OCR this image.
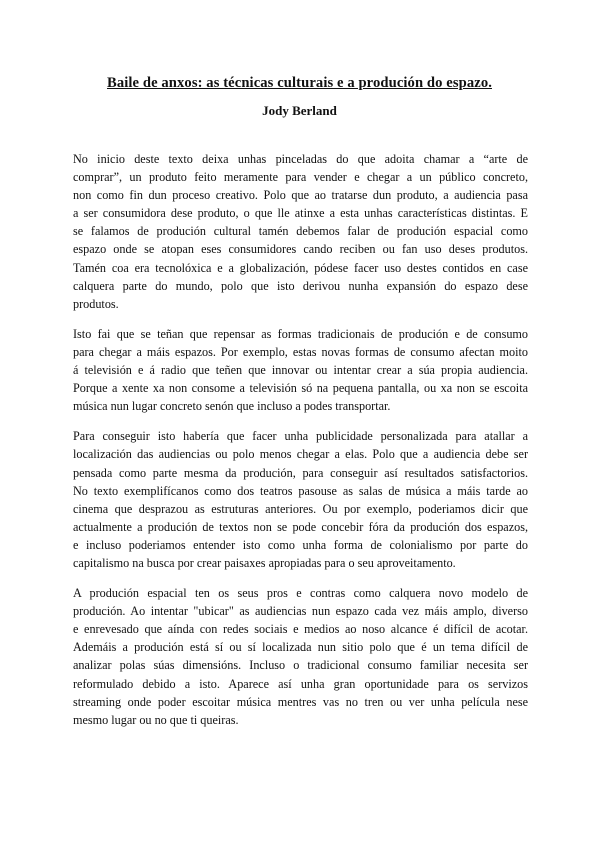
Baile de anxos: as técnicas culturais e a produción do espazo.
Jody Berland
No inicio deste texto deixa unhas pinceladas do que adoita chamar a “arte de
comprar”, un produto feito meramente para vender e chegar a un público concreto,
non como fin dun proceso creativo. Polo que ao tratarse dun produto, a audiencia pasa
a ser consumidora dese produto, o que lle atinxe a esta unhas características distintas. E
se falamos de produción cultural tamén debemos falar de produción espacial como
espazo onde se atopan eses consumidores cando reciben ou fan uso deses produtos.
Tamén coa era tecnolóxica e a globalización, pódese facer uso destes contidos en case
calquera parte do mundo, polo que isto derivou nunha expansión do espazo dese
produtos.
Isto fai que se teñan que repensar as formas tradicionais de produción e de consumo
para chegar a máis espazos. Por exemplo, estas novas formas de consumo afectan moito
á televisión e á radio que teñen que innovar ou intentar crear a súa propia audiencia.
Porque a xente xa non consome a televisión só na pequena pantalla, ou xa non se escoita
música nun lugar concreto senón que incluso a podes transportar.
Para conseguir isto habería que facer unha publicidade personalizada para atallar a
localización das audiencias ou polo menos chegar a elas. Polo que a audiencia debe ser
pensada como parte mesma da produción, para conseguir así resultados satisfactorios.
No texto exemplifícanos como dos teatros pasouse as salas de música a máis tarde ao
cinema que desprazou as estruturas anteriores. Ou por exemplo, poderiamos dicir que
actualmente a produción de textos non se pode concebir fóra da produción dos espazos,
e incluso poderiamos entender isto como unha forma de colonialismo por parte do
capitalismo na busca por crear paisaxes apropiadas para o seu aproveitamento.
A produción espacial ten os seus pros e contras como calquera novo modelo de
produción. Ao intentar "ubicar" as audiencias nun espazo cada vez máis amplo, diverso
e enrevesado que aínda con redes sociais e medios ao noso alcance é difícil de acotar.
Ademáis a produción está sí ou sí localizada nun sitio polo que é un tema difícil de
analizar polas súas dimensións. Incluso o tradicional consumo familiar necesita ser
reformulado debido a isto. Aparece así unha gran oportunidade para os servizos
streaming onde poder escoitar música mentres vas no tren ou ver unha película nese
mesmo lugar ou no que ti queiras.
